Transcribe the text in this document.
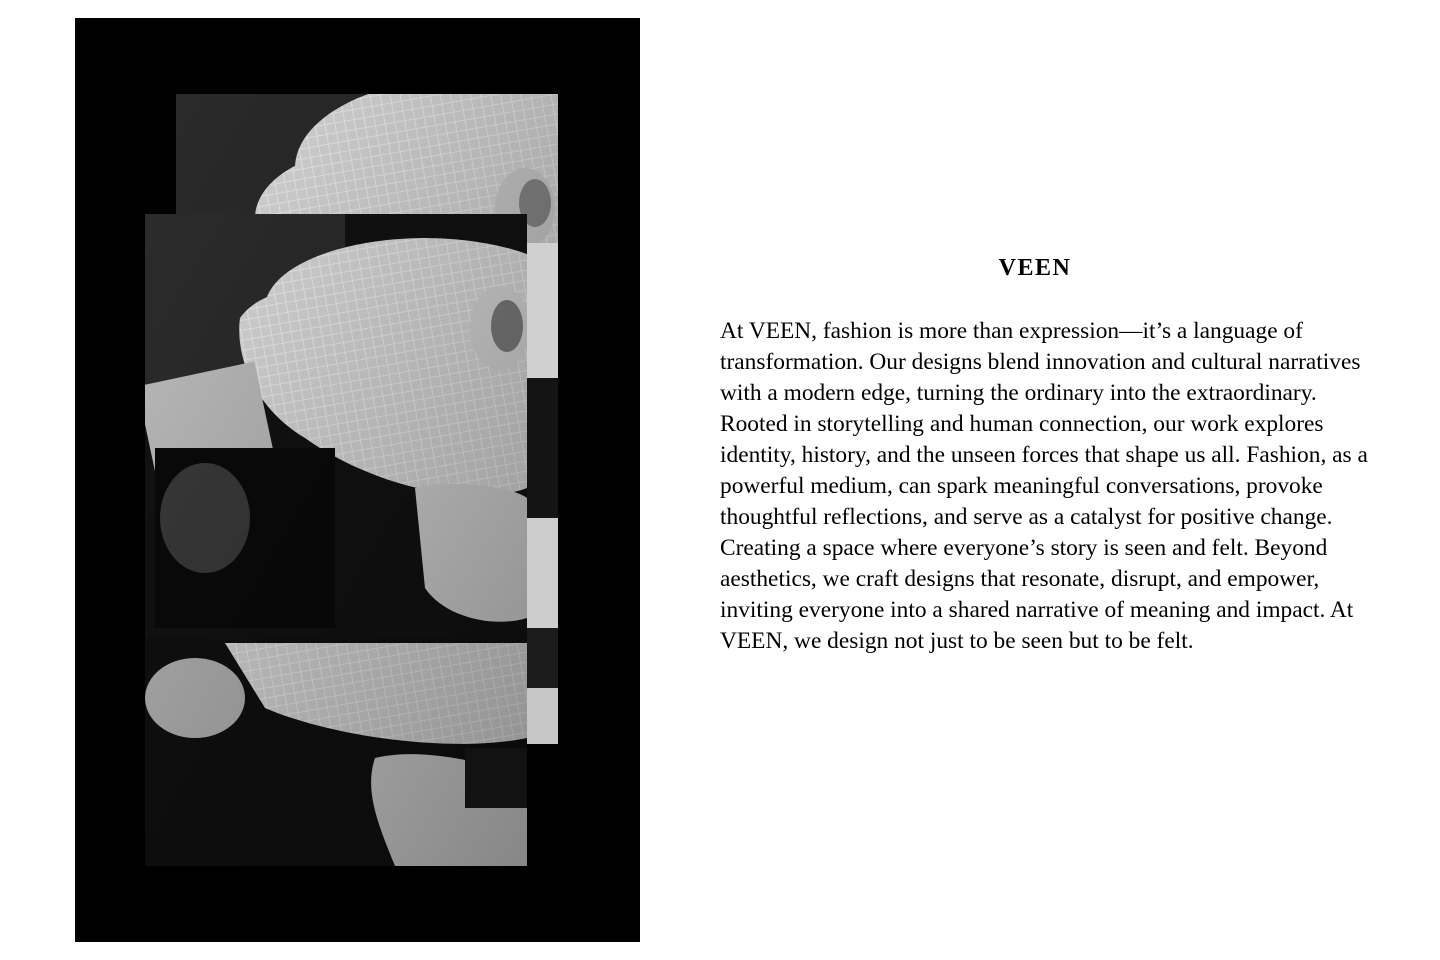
VEEN

At VEEN, fashion is more than expression—it’s a language of transformation. Our designs blend innovation and cultural narratives with a modern edge, turning the ordinary into the extraordinary. Rooted in storytelling and human connection, our work explores identity, history, and the unseen forces that shape us all. Fashion, as a powerful medium, can spark meaningful conversations, provoke thoughtful reflections, and serve as a catalyst for positive change. Creating a space where everyone’s story is seen and felt. Beyond aesthetics, we craft designs that resonate, disrupt, and empower, inviting everyone into a shared narrative of meaning and impact. At VEEN, we design not just to be seen but to be felt.
